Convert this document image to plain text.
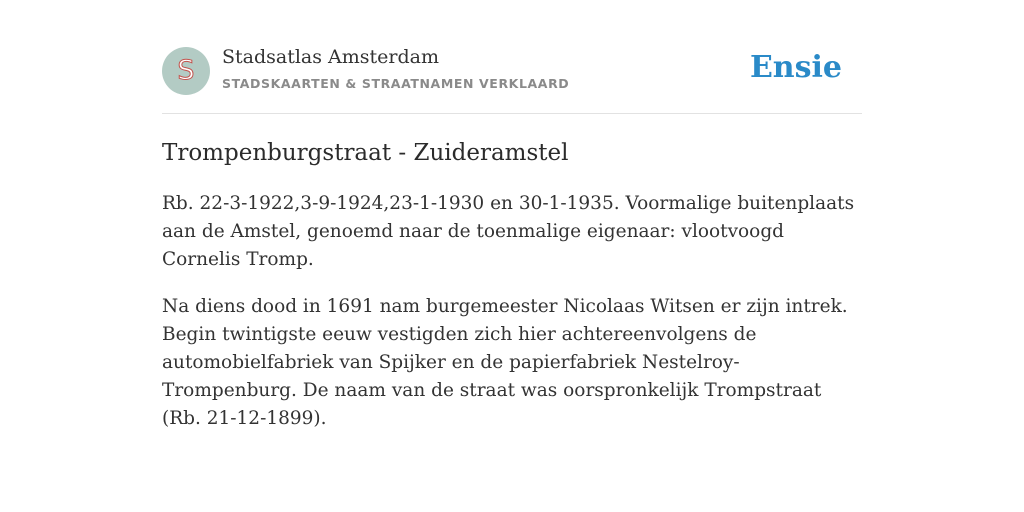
S	Stadsatlas Amsterdam
STADSKAARTEN & STRAATNAMEN VERKLAARD	Ensie
Trompenburgstraat - Zuideramstel

Rb. 22-3-1922,3-9-1924,23-1-1930 en 30-1-1935. Voormalige buitenplaats aan de Amstel, genoemd naar de toenmalige eigenaar: vlootvoogd Cornelis Tromp.

Na diens dood in 1691 nam burgemeester Nicolaas Witsen er zijn intrek. Begin twintigste eeuw vestigden zich hier achtereenvolgens de automobielfabriek van Spijker en de papierfabriek Nestelroy-Trompenburg. De naam van de straat was oorspronkelijk Trompstraat (Rb. 21-12-1899).
